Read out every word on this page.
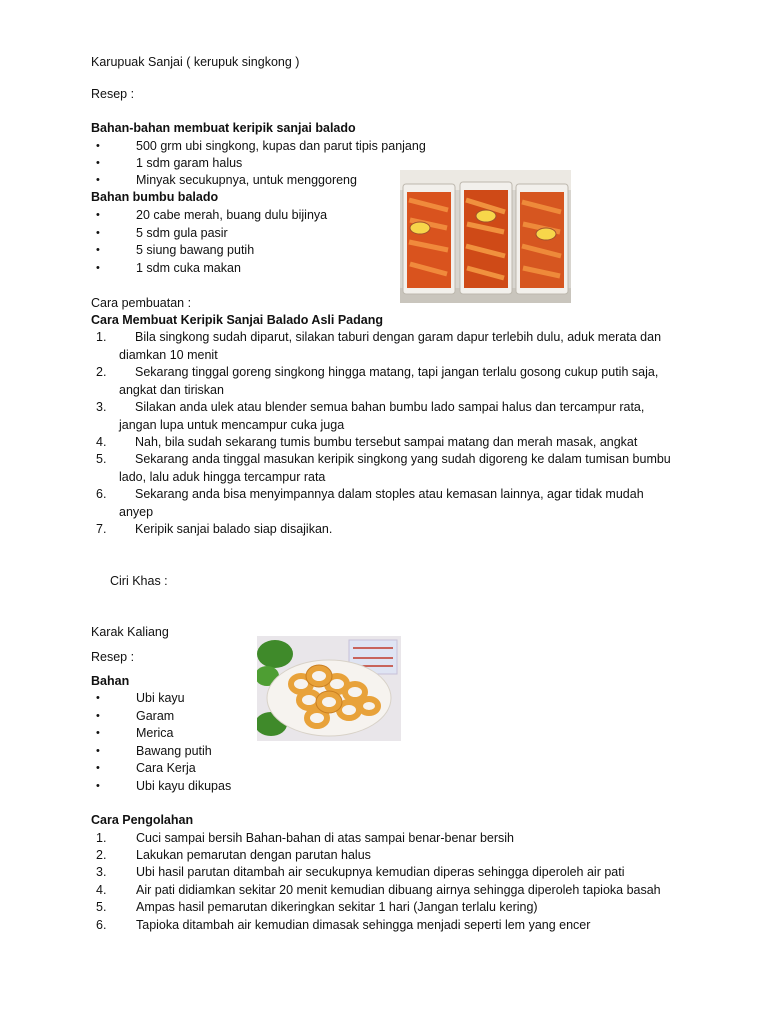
Karupuak Sanjai ( kerupuk singkong )
Resep :
Bahan-bahan membuat keripik sanjai balado
•	500 grm ubi singkong, kupas dan parut tipis panjang
•	1 sdm garam halus
•	Minyak secukupnya, untuk menggoreng
Bahan bumbu balado
•	20 cabe merah, buang dulu bijinya
•	5 sdm gula pasir
•	5 siung bawang putih
•	1 sdm cuka makan
Cara pembuatan :
Cara Membuat Keripik Sanjai Balado Asli Padang
1.	Bila singkong sudah diparut, silakan taburi dengan garam dapur terlebih dulu, aduk merata dan
diamkan 10 menit
2.	Sekarang tinggal goreng singkong hingga matang, tapi jangan terlalu gosong cukup putih saja,
angkat dan tiriskan
3.	Silakan anda ulek atau blender semua bahan bumbu lado sampai halus dan tercampur rata,
jangan lupa untuk mencampur cuka juga
4.	Nah, bila sudah sekarang tumis bumbu tersebut sampai matang dan merah masak, angkat
5.	Sekarang anda tinggal masukan keripik singkong yang sudah digoreng ke dalam tumisan bumbu
lado, lalu aduk hingga tercampur rata
6.	Sekarang anda bisa menyimpannya dalam stoples atau kemasan lainnya, agar tidak mudah
anyep
7.	Keripik sanjai balado siap disajikan.
Ciri Khas :
Karak Kaliang
Resep :
Bahan
•	Ubi kayu
•	Garam
•	Merica
•	Bawang putih
•	Cara Kerja
•	Ubi kayu dikupas
Cara Pengolahan
1. Cuci sampai bersih Bahan-bahan di atas sampai benar-benar bersih
2. Lakukan pemarutan dengan parutan halus
3. Ubi hasil parutan ditambah air secukupnya kemudian diperas sehingga diperoleh air pati
4. Air pati didiamkan sekitar 20 menit kemudian dibuang airnya sehingga diperoleh tapioka basah
5. Ampas hasil pemarutan dikeringkan sekitar 1 hari (Jangan terlalu kering)
6. Tapioka ditambah air kemudian dimasak sehingga menjadi seperti lem yang encer
